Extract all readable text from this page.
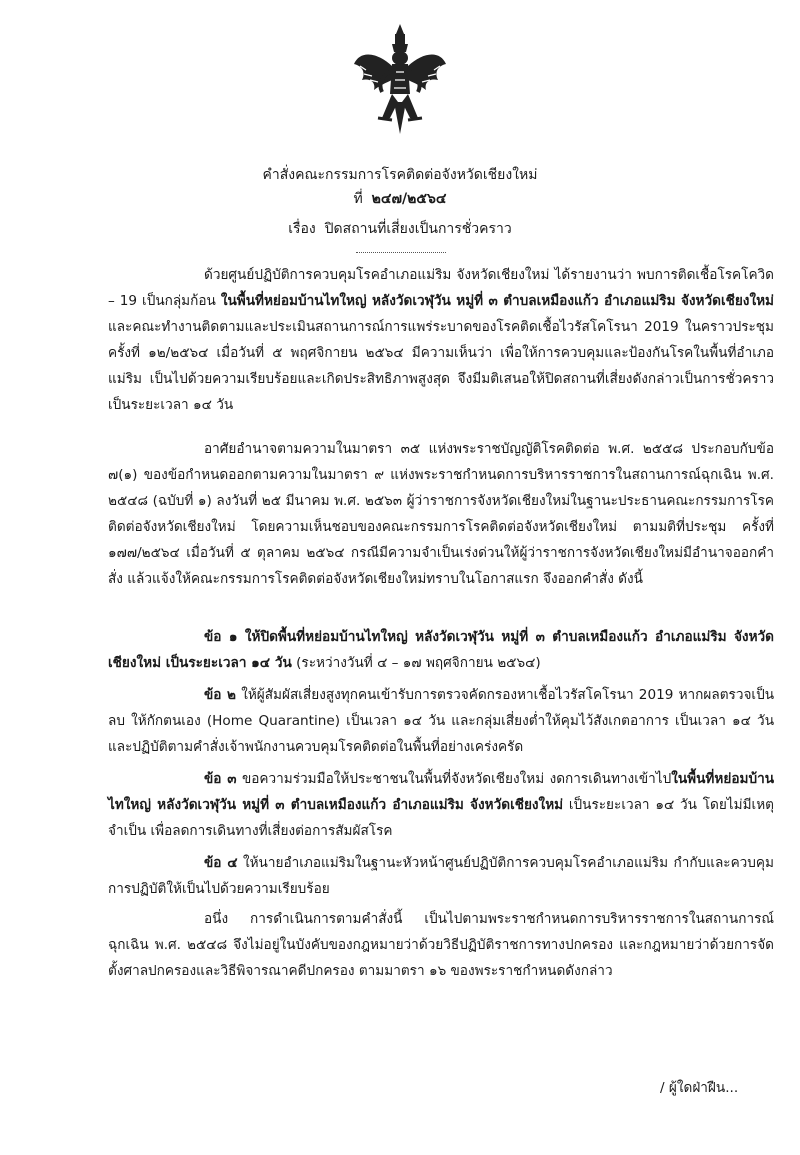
คำสั่งคณะกรรมการโรคติดต่อจังหวัดเชียงใหม่
ที่ ๒๔๗/๒๕๖๔
เรื่อง ปิดสถานที่เสี่ยงเป็นการชั่วคราว

ด้วยศูนย์ปฏิบัติการควบคุมโรคอำเภอแม่ริม จังหวัดเชียงใหม่ ได้รายงานว่า พบการติดเชื้อโรคโควิด – 19 เป็นกลุ่มก้อน ในพื้นที่หย่อมบ้านไทใหญ่ หลังวัดเวฬุวัน หมู่ที่ ๓ ตำบลเหมืองแก้ว อำเภอแม่ริม จังหวัดเชียงใหม่ และคณะทำงานติดตามและประเมินสถานการณ์การแพร่ระบาดของโรคติดเชื้อไวรัสโคโรนา 2019 ในคราวประชุมครั้งที่ ๑๒/๒๕๖๔ เมื่อวันที่ ๕ พฤศจิกายน ๒๕๖๔ มีความเห็นว่า เพื่อให้การควบคุมและป้องกันโรคในพื้นที่อำเภอแม่ริม เป็นไปด้วยความเรียบร้อยและเกิดประสิทธิภาพสูงสุด จึงมีมติเสนอให้ปิดสถานที่เสี่ยงดังกล่าวเป็นการชั่วคราว เป็นระยะเวลา ๑๔ วัน

อาศัยอำนาจตามความในมาตรา ๓๕ แห่งพระราชบัญญัติโรคติดต่อ พ.ศ. ๒๕๕๘ ประกอบกับข้อ ๗(๑) ของข้อกำหนดออกตามความในมาตรา ๙ แห่งพระราชกำหนดการบริหารราชการในสถานการณ์ฉุกเฉิน พ.ศ. ๒๕๔๘ (ฉบับที่ ๑) ลงวันที่ ๒๕ มีนาคม พ.ศ. ๒๕๖๓ ผู้ว่าราชการจังหวัดเชียงใหม่ในฐานะประธานคณะกรรมการโรคติดต่อจังหวัดเชียงใหม่ โดยความเห็นชอบของคณะกรรมการโรคติดต่อจังหวัดเชียงใหม่ ตามมติที่ประชุม ครั้งที่ ๑๗๗/๒๕๖๔ เมื่อวันที่ ๕ ตุลาคม ๒๕๖๔ กรณีมีความจำเป็นเร่งด่วนให้ผู้ว่าราชการจังหวัดเชียงใหม่มีอำนาจออกคำสั่ง แล้วแจ้งให้คณะกรรมการโรคติดต่อจังหวัดเชียงใหม่ทราบในโอกาสแรก จึงออกคำสั่ง ดังนี้

ข้อ ๑ ให้ปิดพื้นที่หย่อมบ้านไทใหญ่ หลังวัดเวฬุวัน หมู่ที่ ๓ ตำบลเหมืองแก้ว อำเภอแม่ริม จังหวัดเชียงใหม่ เป็นระยะเวลา ๑๔ วัน (ระหว่างวันที่ ๔ – ๑๗ พฤศจิกายน ๒๕๖๔)

ข้อ ๒ ให้ผู้สัมผัสเสี่ยงสูงทุกคนเข้ารับการตรวจคัดกรองหาเชื้อไวรัสโคโรนา 2019 หากผลตรวจเป็นลบ ให้กักตนเอง (Home Quarantine) เป็นเวลา ๑๔ วัน และกลุ่มเสี่ยงต่ำให้คุมไว้สังเกตอาการ เป็นเวลา ๑๔ วัน และปฏิบัติตามคำสั่งเจ้าพนักงานควบคุมโรคติดต่อในพื้นที่อย่างเคร่งครัด

ข้อ ๓ ขอความร่วมมือให้ประชาชนในพื้นที่จังหวัดเชียงใหม่ งดการเดินทางเข้าไปในพื้นที่หย่อมบ้านไทใหญ่ หลังวัดเวฬุวัน หมู่ที่ ๓ ตำบลเหมืองแก้ว อำเภอแม่ริม จังหวัดเชียงใหม่ เป็นระยะเวลา ๑๔ วัน โดยไม่มีเหตุจำเป็น เพื่อลดการเดินทางที่เสี่ยงต่อการสัมผัสโรค

ข้อ ๔ ให้นายอำเภอแม่ริมในฐานะหัวหน้าศูนย์ปฏิบัติการควบคุมโรคอำเภอแม่ริม กำกับและควบคุมการปฏิบัติให้เป็นไปด้วยความเรียบร้อย

อนึ่ง การดำเนินการตามคำสั่งนี้ เป็นไปตามพระราชกำหนดการบริหารราชการในสถานการณ์ฉุกเฉิน พ.ศ. ๒๕๔๘ จึงไม่อยู่ในบังคับของกฎหมายว่าด้วยวิธีปฏิบัติราชการทางปกครอง และกฎหมายว่าด้วยการจัดตั้งศาลปกครองและวิธีพิจารณาคดีปกครอง ตามมาตรา ๑๖ ของพระราชกำหนดดังกล่าว

/ ผู้ใดฝ่าฝืน...
